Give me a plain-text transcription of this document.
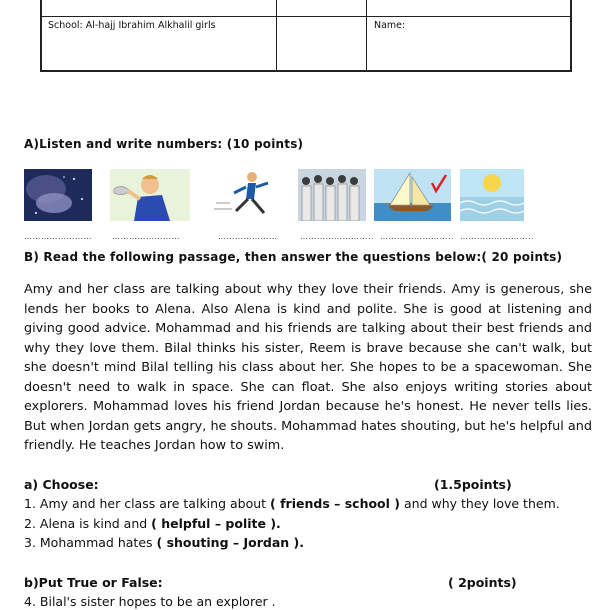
School: Al-hajj Ibrahim Alkhalil girls	Name:
A)Listen and write numbers: (10 points)
……………………	……………………	…………………	…………………….. …………………….. ……………………..
B) Read the following passage, then answer the questions below:( 20 points)
Amy and her class are talking about why they love their friends. Amy is generous, she lends her books to Alena. Also Alena is kind and polite. She is good at listening and giving good advice. Mohammad and his friends are talking about their best friends and why they love them. Bilal thinks his sister, Reem is brave because she can't walk, but she doesn't mind Bilal telling his class about her. She hopes to be a spacewoman. She doesn't need to walk in space. She can float. She also enjoys writing stories about explorers. Mohammad loves his friend Jordan because he's honest. He never tells lies. But when Jordan gets angry, he shouts. Mohammad hates shouting, but he's helpful and friendly. He teaches Jordan how to swim.
a) Choose:	(1.5points)
1. Amy and her class are talking about ( friends – school ) and why they love them.
2. Alena is kind and ( helpful – polite ).
3. Mohammad hates ( shouting – Jordan ).
b)Put True or False:	( 2points)
4. Bilal's sister hopes to be an explorer .
